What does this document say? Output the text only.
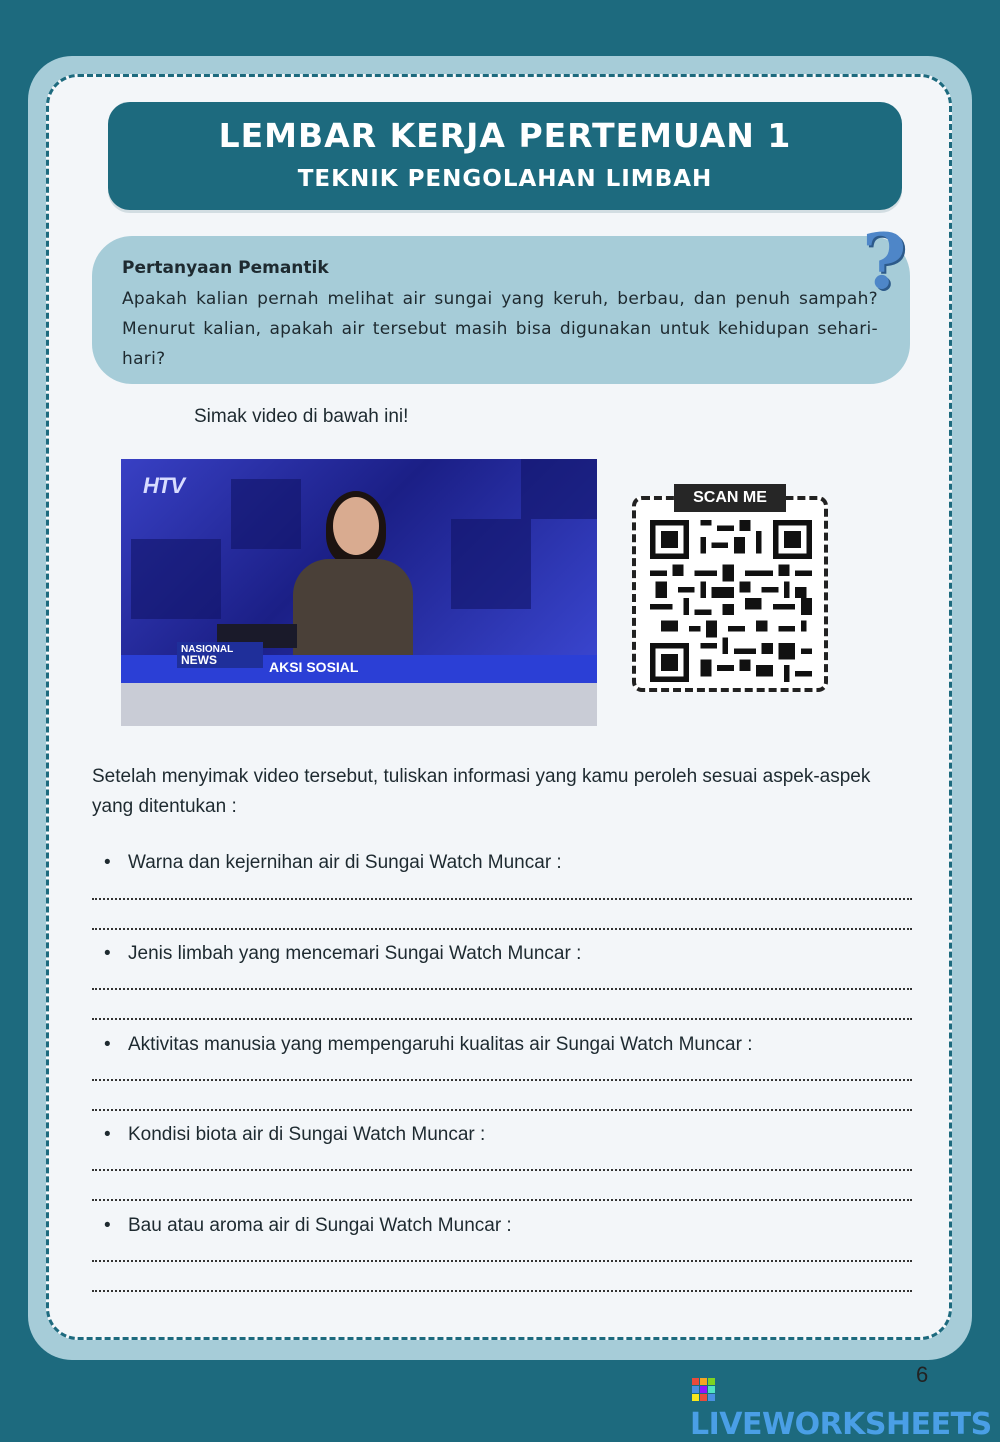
LEMBAR KERJA PERTEMUAN 1
TEKNIK PENGOLAHAN LIMBAH
Pertanyaan Pemantik
Apakah kalian pernah melihat air sungai yang keruh, berbau, dan penuh sampah? Menurut kalian, apakah air tersebut masih bisa digunakan untuk kehidupan sehari-hari?
?
Simak video di bawah ini!
HTV
NASIONAL
NEWS	AKSI SOSIAL
SCAN ME
Setelah menyimak video tersebut, tuliskan informasi yang kamu peroleh sesuai aspek-aspek yang ditentukan :
• Warna dan kejernihan air di Sungai Watch Muncar :
• Jenis limbah yang mencemari Sungai Watch Muncar :
• Aktivitas manusia yang mempengaruhi kualitas air Sungai Watch Muncar :
• Kondisi biota air di Sungai Watch Muncar :
• Bau atau aroma air di Sungai Watch Muncar :
6
LIVEWORKSHEETS
